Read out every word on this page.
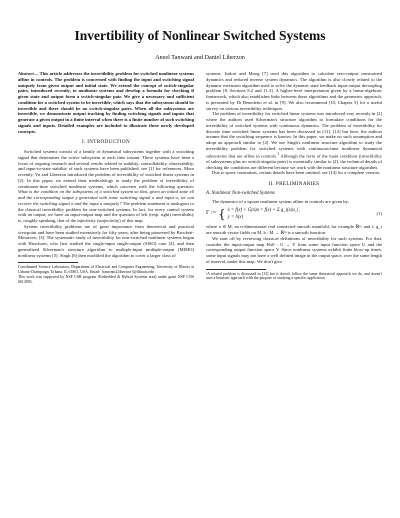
Invertibility of Nonlinear Switched Systems
Aneel Tanwani and Daniel Liberzon

Abstract— This article addresses the invertibility problem for switched nonlinear systems affine in controls. The problem is concerned with finding the input and switching signal uniquely from given output and initial state. We extend the concept of switch-singular pairs, introduced recently, to nonlinear systems and develop a formula for checking if given state and output form a switch-singular pair. We give a necessary and sufficient condition for a switched system to be invertible, which says that the subsystems should be invertible and there should be no switch-singular pairs. When all the subsystems are invertible, we demonstrate output tracking by finding switching signals and inputs that generate a given output in a finite interval when there is a finite number of such switching signals and inputs. Detailed examples are included to illustrate these newly developed concepts.

I. INTRODUCTION

Switched systems consist of a family of dynamical subsystems together with a switching signal that determines the active subsystem at each time instant. These systems have been a focus of ongoing research and several results related to stability, controllability, observability, and input-to-state stability of such systems have been published; see [1] for references. More recently, Vu and Liberzon introduced the problem of invertibility of switched linear systems in [2]. In this paper, we extend their methodology to study the problem of invertibility of continuous-time switched nonlinear systems, which concerns with the following question: What is the condition on the subsystems of a switched system so that, given an initial state x0 and the corresponding output y generated with some switching signal σ and input u, we can recover the switching signal σ and the input u uniquely? The problem statement is analogous to the classical invertibility problem for non-switched systems. In fact, for every control system with an output, we have an input-output map and the question of left (resp. right) invertibility is, roughly speaking, that of the injectivity (surjectivity) of this map.

System invertibility problems are of great importance from theoretical and practical viewpoint and have been studied extensively for fifty years, after being pioneered by Brockett-Mesarovic [3]. The systematic study of invertibility for non-switched nonlinear systems began with Hirschorn, who first studied the single-input single-output (SISO) case [4], and then generalized Silverman's structure algorithm to multiple-input multiple-output (MIMO) nonlinear systems [5]. Singh [6] then modified the algorithm to cover a larger class of

Coordinated Science Laboratory, Department of Electrical and Computer Engineering, University of Illinois at Urbana-Champaign, Urbana, IL 61801, USA. Email: {tanwani2,liberzon}@illinois.edu

This work was supported by NSF CSR program (Embedded & Hybrid Systems area) under grant NSF CNS 0614993.

systems. Isidori and Moog [7] used this algorithm to calculate zero-output constrained dynamics and reduced inverse system dynamics. The algorithm is also closely related to the dynamic extension algorithm used to solve the dynamic state feedback input-output decoupling problem [8, Sections 8.2 and 11.3]. A higher-level interpretation given by a linear-algebraic framework, which also establishes links between these algorithms and the geometric approach, is presented by Di Benedetto et al. in [9]. We also recommend [10, Chapter 5] for a useful survey on various invertibility techniques.

The problem of invertibility for switched linear systems was introduced very recently in [2] where the authors used Silverman's structure algorithm to formulate conditions for the invertibility of switched systems with continuous dynamics. The problem of invertibility for discrete time switched linear systems has been discussed in [11], [12] but here, the authors assume that the switching sequence is known. In this paper, we make no such assumption and adopt an approach similar to [2]. We use Singh's nonlinear structure algorithm to study the invertibility problem for switched systems with continuous-time nonlinear dynamical subsystems that are affine in controls.$^1$ Although the form of the main condition (invertibility of subsystems plus no switch-singular pairs) is essentially similar to [2], the technical details of checking the conditions are different because we work with the nonlinear structure algorithm.

Due to space constraints, certain details have been omitted, see [14] for a complete version.

II. PRELIMINARIES
A. Nonlinear Non-switched Systems

The dynamics of a square nonlinear system affine in controls are given by:

Γ := { ẋ = f(x) + G(x)u = f(x) + Σ g_i(x)u_i,
y = h(x)
(1)

where x ∈ M, an n-dimensional real connected smooth manifold, for example ℝⁿ; and f, g_i are smooth vector fields on M, h : M → ℝᵐ is a smooth function.

We start off by reviewing classical definitions of invertibility for such systems. For that, consider the input-output map Hx0 : U → Y from some input function space U and the corresponding output function space Y. Since nonlinear systems exhibit finite blow-up times, some input signals may not have a well defined image in the output space, over the same length of interval, under this map. We don't give

¹A related problem is discussed in [13] but it doesn't follow the same theoretical approach we do, and doesn't uses a heuristic approach with the purpose of studying a specific application.
